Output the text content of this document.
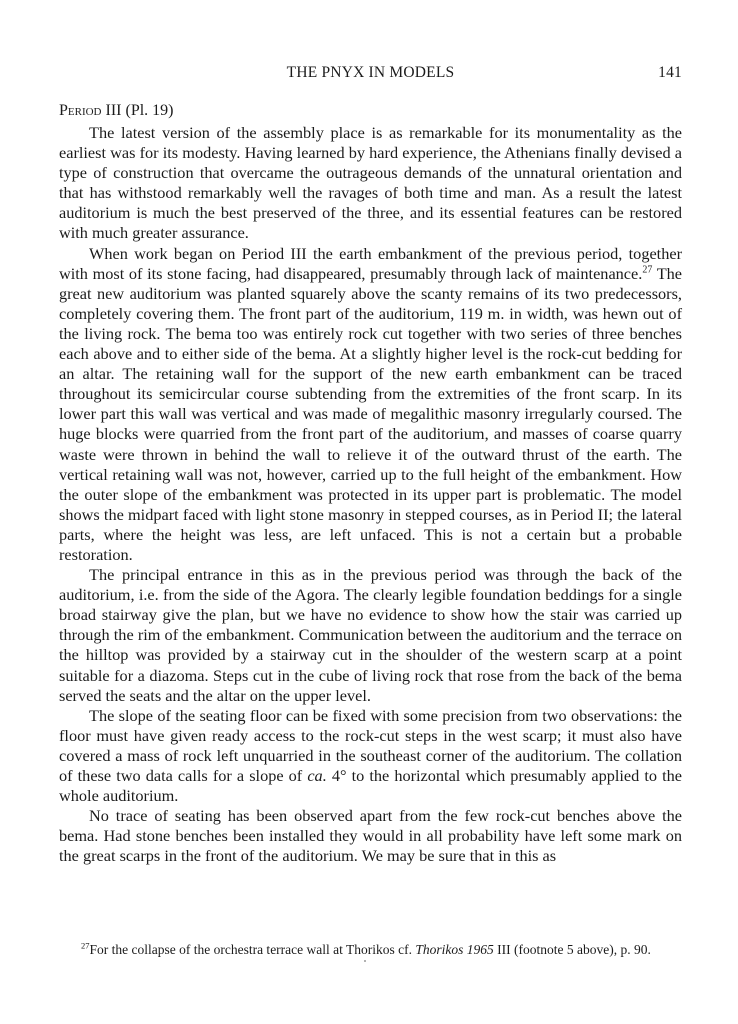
THE PNYX IN MODELS	141
Period III (Pl. 19)

The latest version of the assembly place is as remarkable for its monumentality as the earliest was for its modesty. Having learned by hard experience, the Athenians finally devised a type of construction that overcame the outrageous demands of the unnatural orientation and that has withstood remarkably well the ravages of both time and man. As a result the latest auditorium is much the best preserved of the three, and its essential features can be restored with much greater assurance.

When work began on Period III the earth embankment of the previous period, together with most of its stone facing, had disappeared, presumably through lack of maintenance.$^{27}$ The great new auditorium was planted squarely above the scanty remains of its two predecessors, completely covering them. The front part of the auditorium, 119 m. in width, was hewn out of the living rock. The bema too was entirely rock cut together with two series of three benches each above and to either side of the bema. At a slightly higher level is the rock-cut bedding for an altar. The retaining wall for the support of the new earth embankment can be traced throughout its semicircular course subtending from the extremities of the front scarp. In its lower part this wall was vertical and was made of megalithic masonry irregularly coursed. The huge blocks were quarried from the front part of the auditorium, and masses of coarse quarry waste were thrown in behind the wall to relieve it of the outward thrust of the earth. The vertical retaining wall was not, however, carried up to the full height of the embankment. How the outer slope of the embankment was protected in its upper part is problematic. The model shows the midpart faced with light stone masonry in stepped courses, as in Period II; the lateral parts, where the height was less, are left unfaced. This is not a certain but a probable restoration.

The principal entrance in this as in the previous period was through the back of the auditorium, i.e. from the side of the Agora. The clearly legible foundation beddings for a single broad stairway give the plan, but we have no evidence to show how the stair was carried up through the rim of the embankment. Communication between the auditorium and the terrace on the hilltop was provided by a stairway cut in the shoulder of the western scarp at a point suitable for a diazoma. Steps cut in the cube of living rock that rose from the back of the bema served the seats and the altar on the upper level.

The slope of the seating floor can be fixed with some precision from two observations: the floor must have given ready access to the rock-cut steps in the west scarp; it must also have covered a mass of rock left unquarried in the southeast corner of the auditorium. The collation of these two data calls for a slope of ca. 4° to the horizontal which presumably applied to the whole auditorium.

No trace of seating has been observed apart from the few rock-cut benches above the bema. Had stone benches been installed they would in all probability have left some mark on the great scarps in the front of the auditorium. We may be sure that in this as

$^{27}$For the collapse of the orchestra terrace wall at Thorikos cf. Thorikos 1965 III (footnote 5 above), p. 90.
